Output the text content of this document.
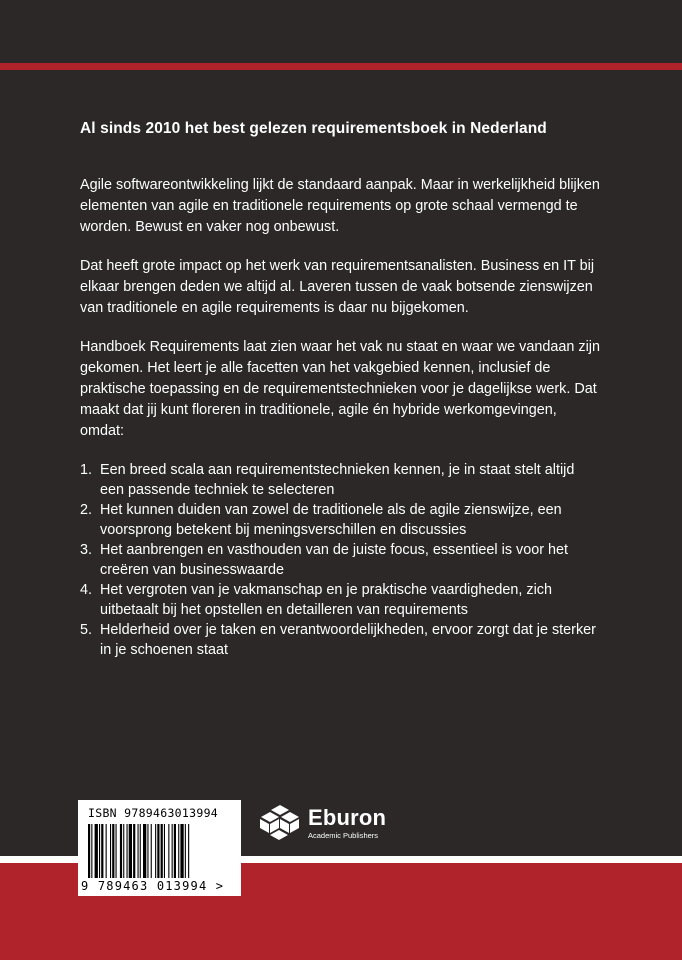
Al sinds 2010 het best gelezen requirementsboek in Nederland

Agile softwareontwikkeling lijkt de standaard aanpak. Maar in werkelijkheid blijken elementen van agile en traditionele requirements op grote schaal vermengd te worden. Bewust en vaker nog onbewust.

Dat heeft grote impact op het werk van requirementsanalisten. Business en IT bij elkaar brengen deden we altijd al. Laveren tussen de vaak botsende zienswijzen van traditionele en agile requirements is daar nu bijgekomen.

Handboek Requirements laat zien waar het vak nu staat en waar we vandaan zijn gekomen. Het leert je alle facetten van het vakgebied kennen, inclusief de praktische toepassing en de requirementstechnieken voor je dagelijkse werk. Dat maakt dat jij kunt floreren in traditionele, agile én hybride werkomgevingen, omdat:

1. Een breed scala aan requirementstechnieken kennen, je in staat stelt altijd een passende techniek te selecteren
2. Het kunnen duiden van zowel de traditionele als de agile zienswijze, een voorsprong betekent bij meningsverschillen en discussies
3. Het aanbrengen en vasthouden van de juiste focus, essentieel is voor het creëren van businesswaarde
4. Het vergroten van je vakmanschap en je praktische vaardigheden, zich uitbetaalt bij het opstellen en detailleren van requirements
5. Helderheid over je taken en verantwoordelijkheden, ervoor zorgt dat je sterker in je schoenen staat
ISBN 9789463013994
9 789463 013994 >
Eburon
Academic Publishers
